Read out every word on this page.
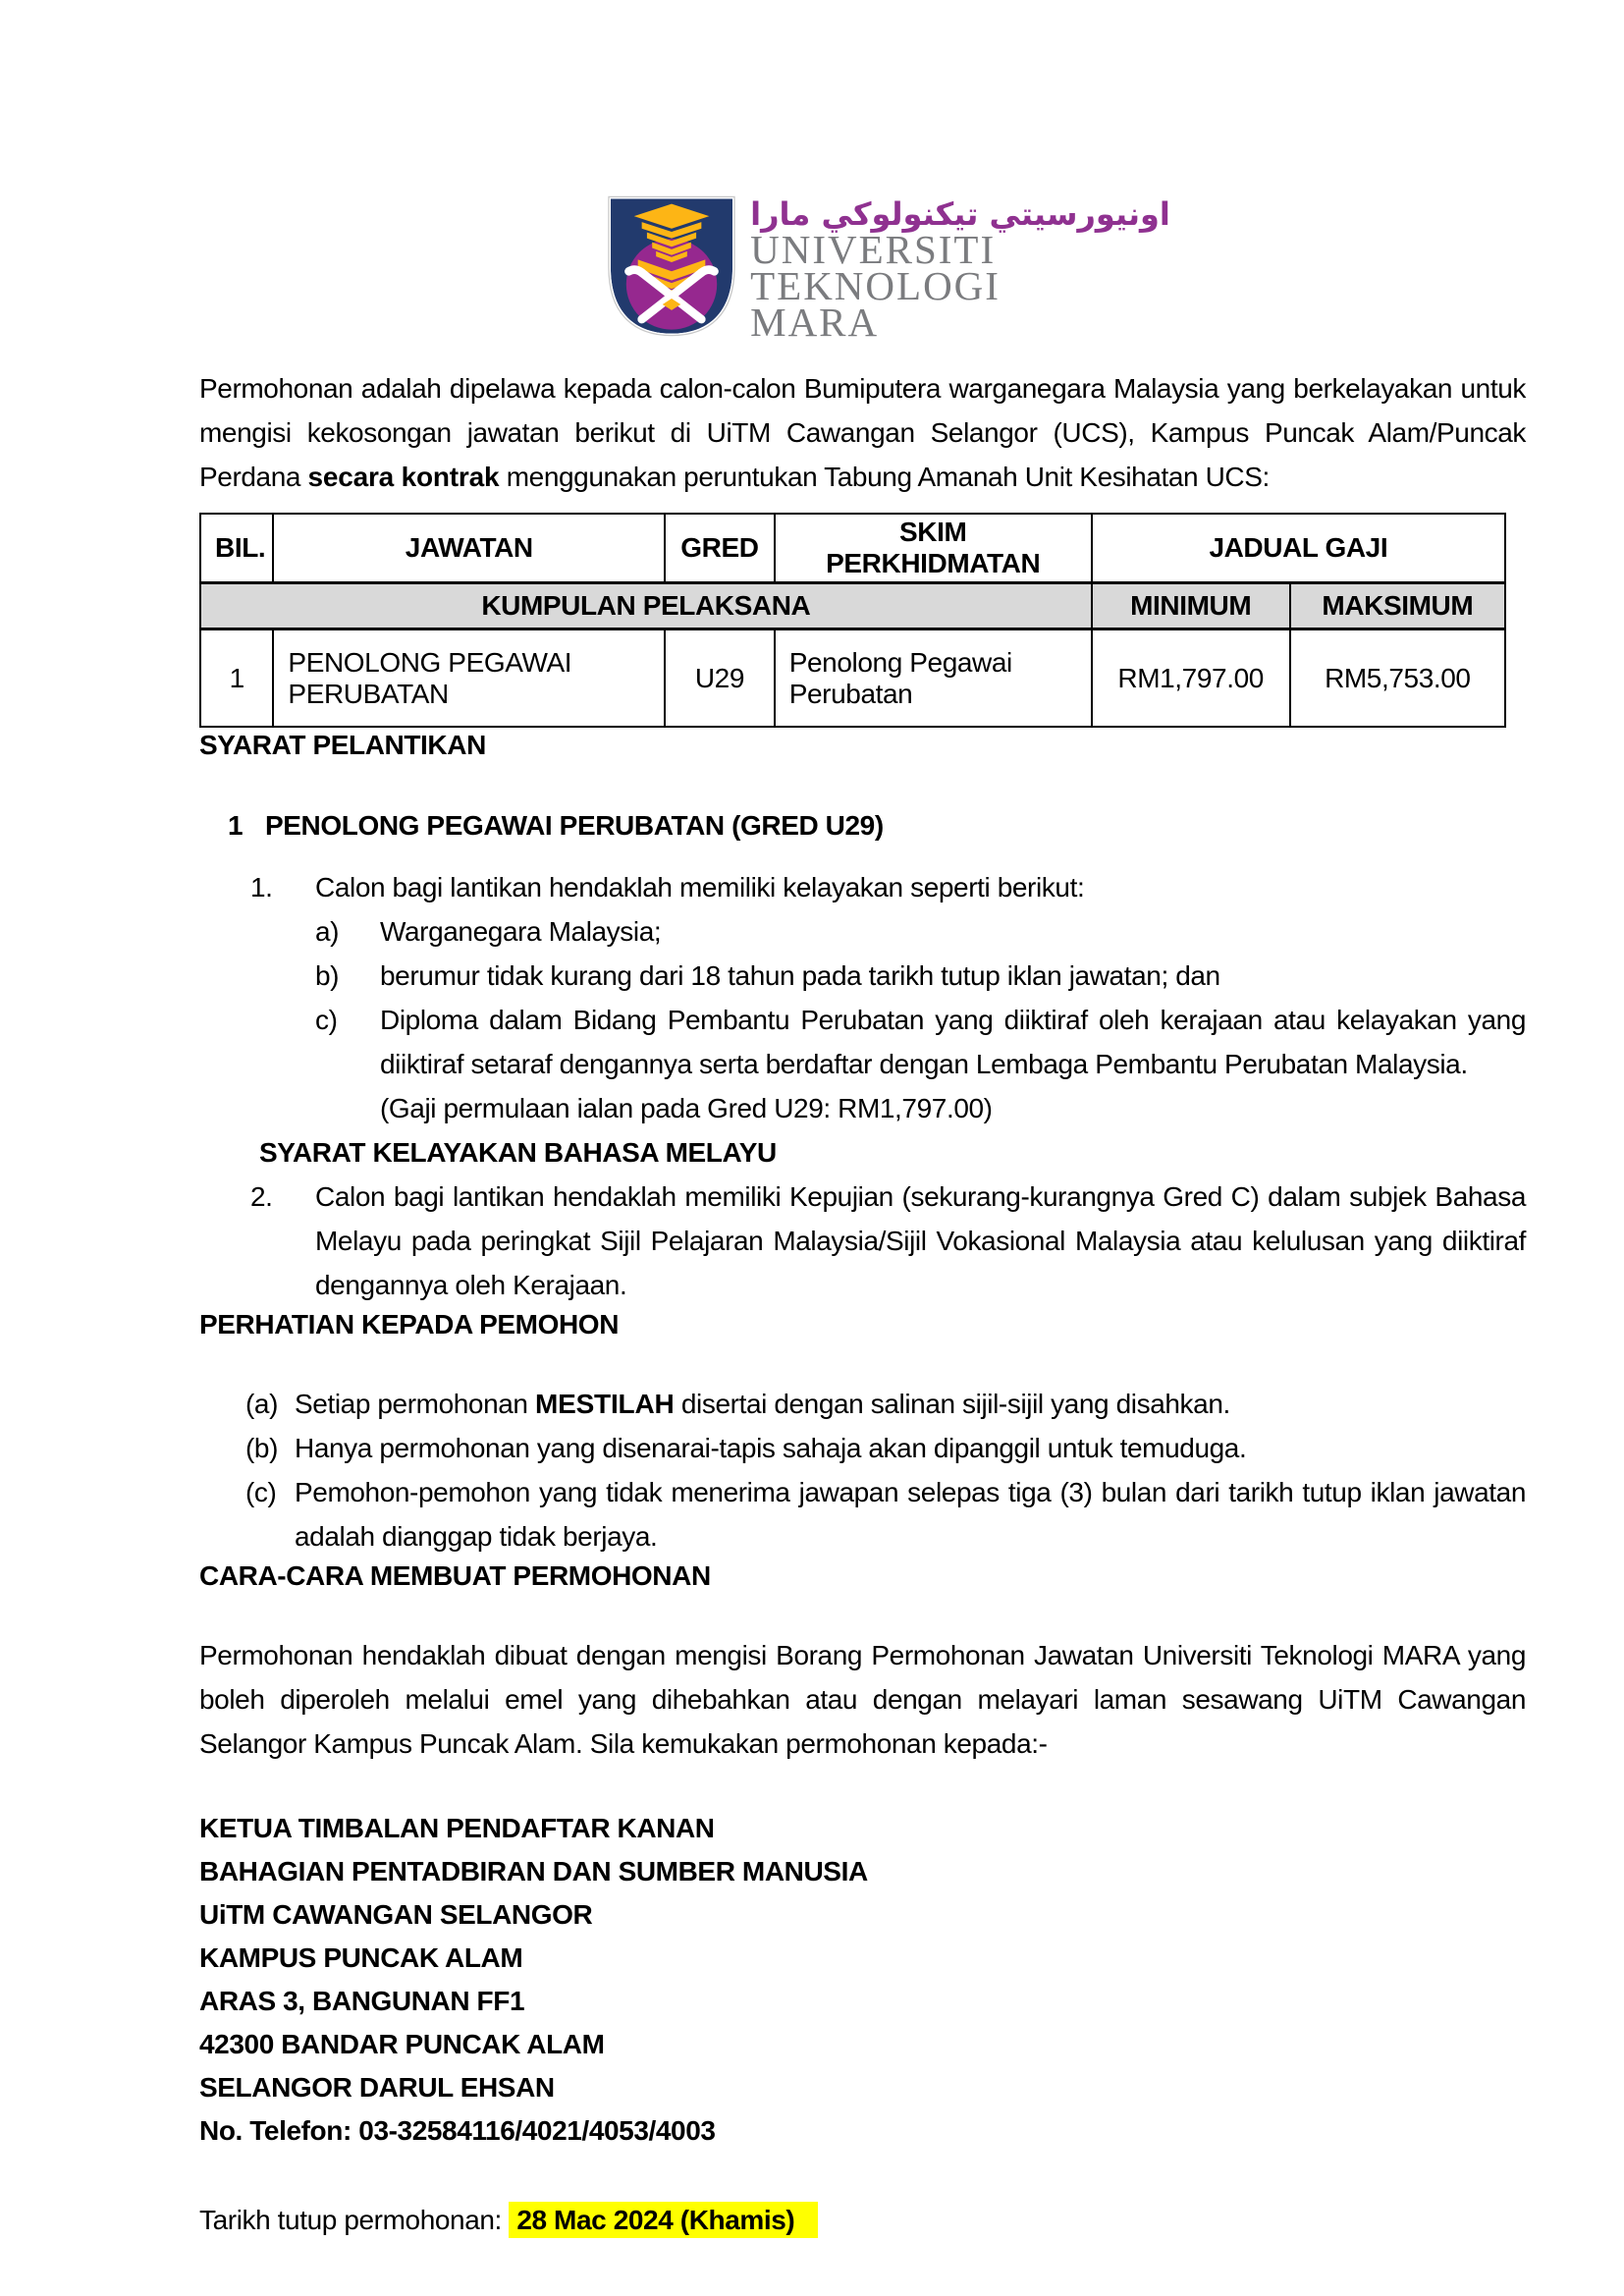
اونيورسيتي تيكنولوكي مارا
UNIVERSITI
TEKNOLOGI
MARA

Permohonan adalah dipelawa kepada calon-calon Bumiputera warganegara Malaysia yang berkelayakan untuk mengisi kekosongan jawatan berikut di UiTM Cawangan Selangor (UCS), Kampus Puncak Alam/Puncak Perdana secara kontrak menggunakan peruntukan Tabung Amanah Unit Kesihatan UCS:

BIL.	JAWATAN	GRED	SKIM PERKHIDMATAN	JADUAL GAJI	
KUMPULAN PELAKSANA				MINIMUM	MAKSIMUM
1	PENOLONG PEGAWAI PERUBATAN	U29	Penolong Pegawai Perubatan	RM1,797.00	RM5,753.00
SYARAT PELANTIKAN
1 PENOLONG PEGAWAI PERUBATAN (GRED U29)
1.	Calon bagi lantikan hendaklah memiliki kelayakan seperti berikut:
a)	Warganegara Malaysia;
b)	berumur tidak kurang dari 18 tahun pada tarikh tutup iklan jawatan; dan
c)	Diploma dalam Bidang Pembantu Perubatan yang diiktiraf oleh kerajaan atau kelayakan yang diiktiraf setaraf dengannya serta berdaftar dengan Lembaga Pembantu Perubatan Malaysia.
(Gaji permulaan ialan pada Gred U29: RM1,797.00)
SYARAT KELAYAKAN BAHASA MELAYU
2.	Calon bagi lantikan hendaklah memiliki Kepujian (sekurang-kurangnya Gred C) dalam subjek Bahasa Melayu pada peringkat Sijil Pelajaran Malaysia/Sijil Vokasional Malaysia atau kelulusan yang diiktiraf dengannya oleh Kerajaan.
PERHATIAN KEPADA PEMOHON
(a) Setiap permohonan MESTILAH disertai dengan salinan sijil-sijil yang disahkan.
(b) Hanya permohonan yang disenarai-tapis sahaja akan dipanggil untuk temuduga.
(c) Pemohon-pemohon yang tidak menerima jawapan selepas tiga (3) bulan dari tarikh tutup iklan jawatan adalah dianggap tidak berjaya.
CARA-CARA MEMBUAT PERMOHONAN

Permohonan hendaklah dibuat dengan mengisi Borang Permohonan Jawatan Universiti Teknologi MARA yang boleh diperoleh melalui emel yang dihebahkan atau dengan melayari laman sesawang UiTM Cawangan Selangor Kampus Puncak Alam. Sila kemukakan permohonan kepada:-

KETUA TIMBALAN PENDAFTAR KANAN
BAHAGIAN PENTADBIRAN DAN SUMBER MANUSIA
UiTM CAWANGAN SELANGOR
KAMPUS PUNCAK ALAM
ARAS 3, BANGUNAN FF1
42300 BANDAR PUNCAK ALAM
SELANGOR DARUL EHSAN
No. Telefon: 03-32584116/4021/4053/4003
Tarikh tutup permohonan: 28 Mac 2024 (Khamis)
